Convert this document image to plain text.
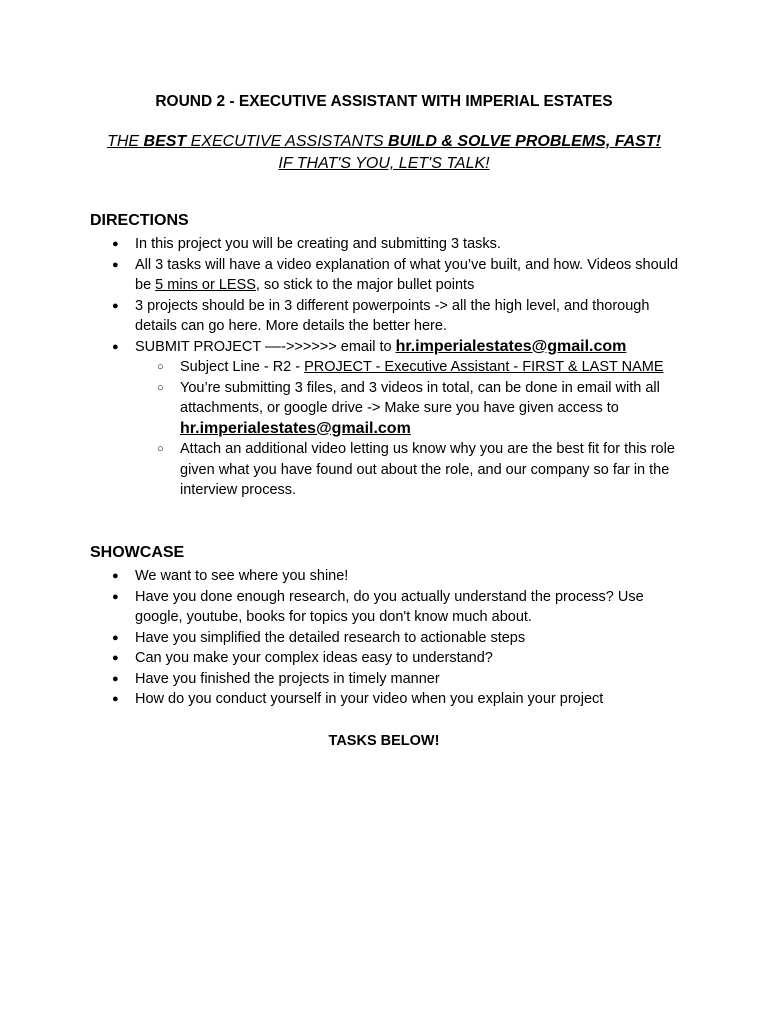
ROUND 2 - EXECUTIVE ASSISTANT WITH IMPERIAL ESTATES
THE BEST EXECUTIVE ASSISTANTS BUILD & SOLVE PROBLEMS, FAST!
IF THAT'S YOU, LET'S TALK!
DIRECTIONS
● In this project you will be creating and submitting 3 tasks.
● All 3 tasks will have a video explanation of what you’ve built, and how. Videos should be 5 mins or LESS, so stick to the major bullet points
● 3 projects should be in 3 different powerpoints -> all the high level, and thorough details can go here. More details the better here.
● SUBMIT PROJECT ––->>>>>> email to hr.imperialestates@gmail.com
○ Subject Line - R2 - PROJECT - Executive Assistant - FIRST & LAST NAME
○ You’re submitting 3 files, and 3 videos in total, can be done in email with all attachments, or google drive -> Make sure you have given access to hr.imperialestates@gmail.com
○ Attach an additional video letting us know why you are the best fit for this role given what you have found out about the role, and our company so far in the interview process.
SHOWCASE
● We want to see where you shine!
● Have you done enough research, do you actually understand the process? Use google, youtube, books for topics you don't know much about.
● Have you simplified the detailed research to actionable steps
● Can you make your complex ideas easy to understand?
● Have you finished the projects in timely manner
● How do you conduct yourself in your video when you explain your project
TASKS BELOW!
